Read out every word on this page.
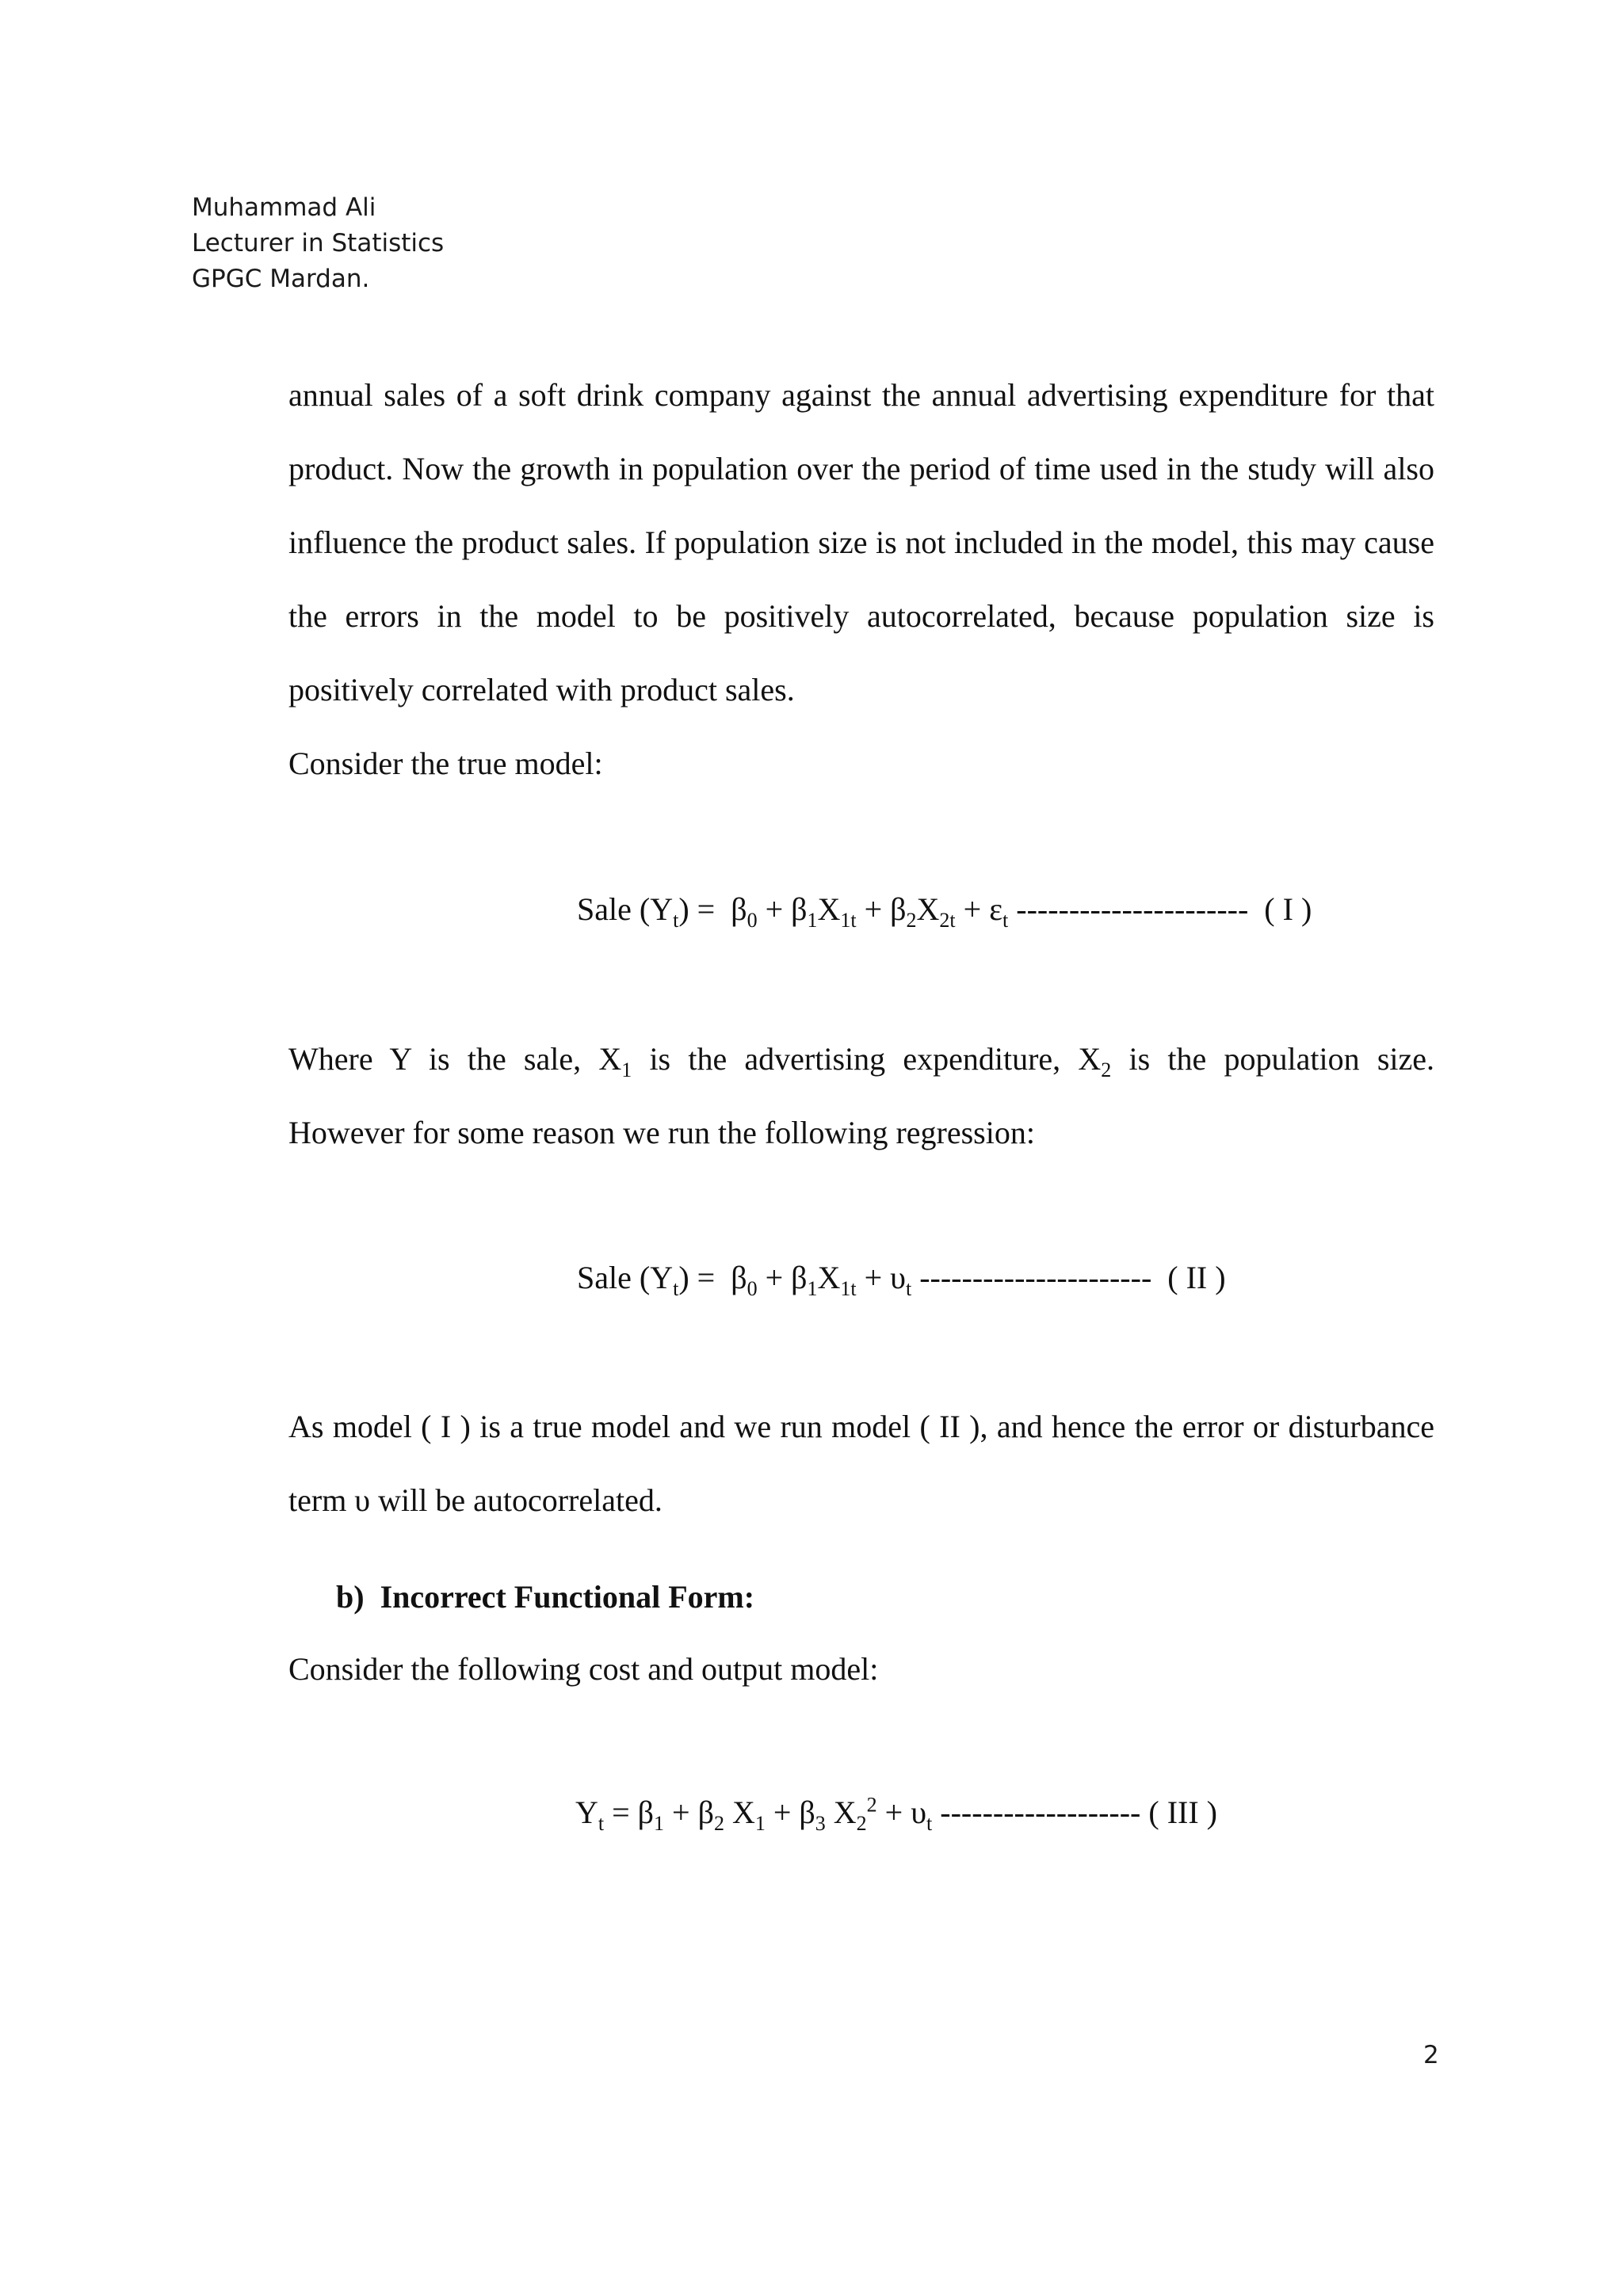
Muhammad Ali
Lecturer in Statistics
GPGC Mardan.
annual sales of a soft drink company against the annual advertising expenditure for that
product. Now the growth in population over the period of time used in the study will also
influence the product sales. If population size is not included in the model, this may cause
the errors in the model to be positively autocorrelated, because population size is
positively correlated with product sales.
Consider the true model:
Sale $(Y_t) = \beta_0 + \beta_1X_{1t} + \beta_2X_{2t} + \varepsilon_t$ ---------------------- ( I )
Where Y is the sale, $X_1$ is the advertising expenditure, $X_2$ is the population size.
However for some reason we run the following regression:
Sale $(Y_t) = \beta_0 + \beta_1X_{1t} + \upsilon_t$ ---------------------- ( II )
As model ( I ) is a true model and we run model ( II ), and hence the error or disturbance
term υ will be autocorrelated.
b) Incorrect Functional Form:
Consider the following cost and output model:
$Y_t = \beta_1 + \beta_2$ $X_1 + \beta_3$ $X_2^2 + \upsilon_t$ ------------------- ( III )
2
